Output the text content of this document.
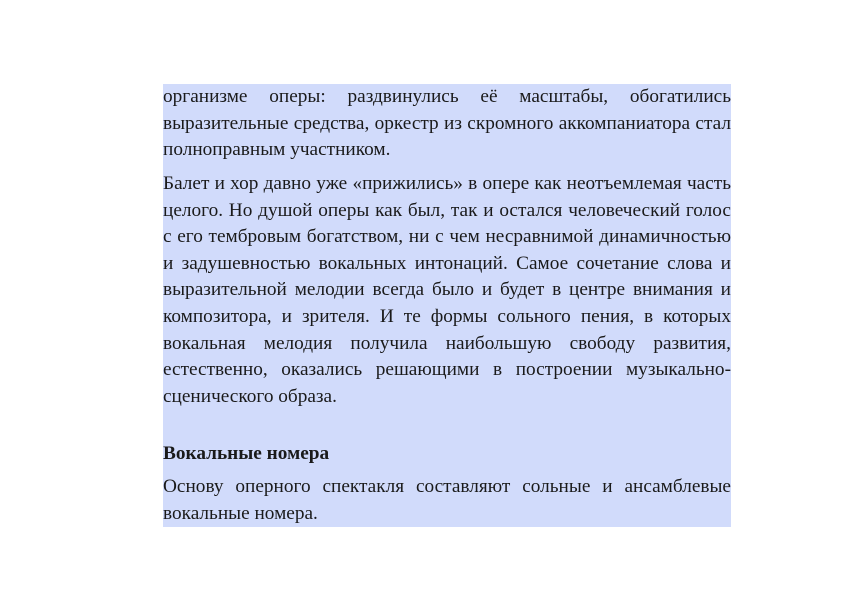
организме оперы: раздвинулись её масштабы, обогатились выразительные средства, оркестр из скромного аккомпаниатора стал полноправным участником.

Балет и хор давно уже «прижились» в опере как неотъемлемая часть целого. Но душой оперы как был, так и остался человеческий голос с его тембровым богатством, ни с чем несравнимой динамичностью и задушевностью вокальных интонаций. Самое сочетание слова и выразительной мелодии всегда было и будет в центре внимания и композитора, и зрителя. И те формы сольного пения, в которых вокальная мелодия получила наибольшую свободу развития, естественно, оказались решающими в построении музыкально-сценического образа.

Вокальные номера

Основу оперного спектакля составляют сольные и ансамблевые вокальные номера.
